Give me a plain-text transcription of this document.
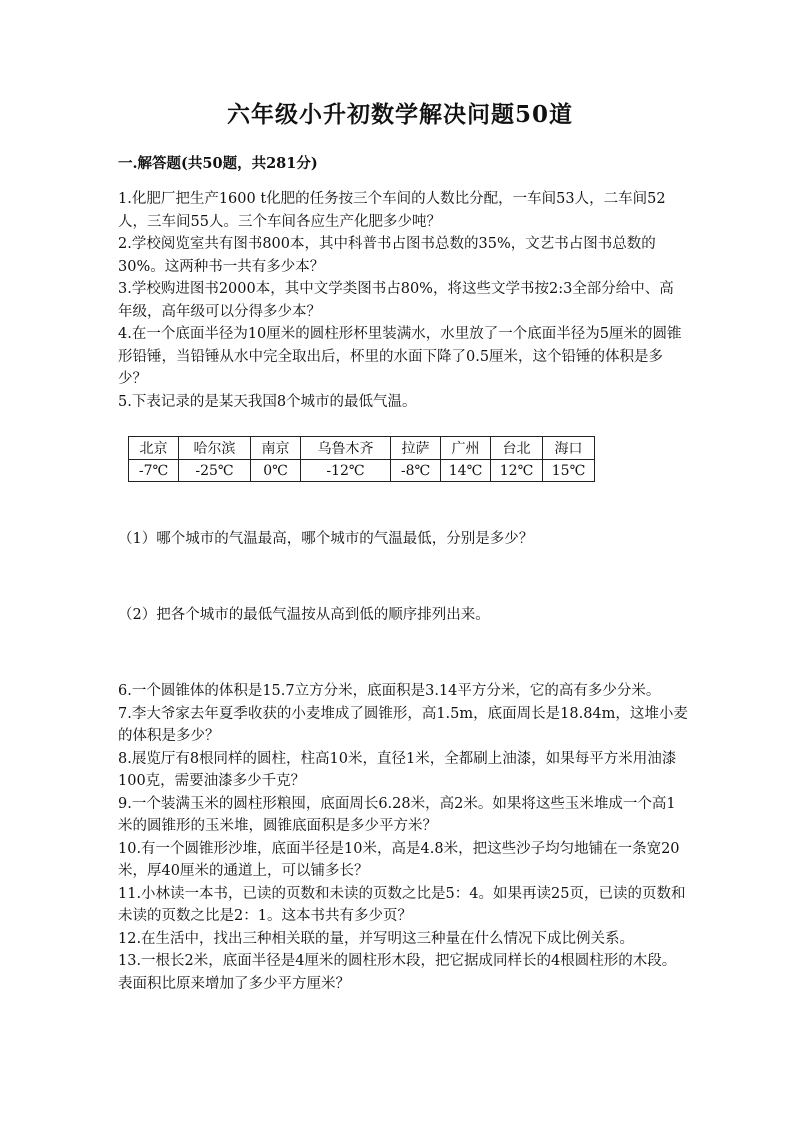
六年级小升初数学解决问题50道
一.解答题(共50题，共281分)

1.化肥厂把生产1600 t化肥的任务按三个车间的人数比分配，一车间53人，二车间52人，三车间55人。三个车间各应生产化肥多少吨？

2.学校阅览室共有图书800本，其中科普书占图书总数的35%，文艺书占图书总数的30%。这两种书一共有多少本？

3.学校购进图书2000本，其中文学类图书占80%，将这些文学书按2:3全部分给中、高年级，高年级可以分得多少本？

4.在一个底面半径为10厘米的圆柱形杯里装满水，水里放了一个底面半径为5厘米的圆锥形铅锤，当铅锤从水中完全取出后，杯里的水面下降了0.5厘米，这个铅锤的体积是多少？

5.下表记录的是某天我国8个城市的最低气温。

北京	哈尔滨	南京	乌鲁木齐	拉萨	广州	台北	海口
-7℃	-25℃	0℃	-12℃	-8℃	14℃	12℃	15℃
（1）哪个城市的气温最高，哪个城市的气温最低，分别是多少？
（2）把各个城市的最低气温按从高到低的顺序排列出来。

6.一个圆锥体的体积是15.7立方分米，底面积是3.14平方分米，它的高有多少分米。

7.李大爷家去年夏季收获的小麦堆成了圆锥形，高1.5m，底面周长是18.84m，这堆小麦的体积是多少？

8.展览厅有8根同样的圆柱，柱高10米，直径1米，全都刷上油漆，如果每平方米用油漆100克，需要油漆多少千克？

9.一个装满玉米的圆柱形粮囤，底面周长6.28米，高2米。如果将这些玉米堆成一个高1米的圆锥形的玉米堆，圆锥底面积是多少平方米？

10.有一个圆锥形沙堆，底面半径是10米，高是4.8米，把这些沙子均匀地铺在一条宽20米，厚40厘米的通道上，可以铺多长？

11.小林读一本书，已读的页数和未读的页数之比是5：4。如果再读25页，已读的页数和未读的页数之比是2：1。这本书共有多少页？

12.在生活中，找出三种相关联的量，并写明这三种量在什么情况下成比例关系。

13.一根长2米，底面半径是4厘米的圆柱形木段，把它据成同样长的4根圆柱形的木段。表面积比原来增加了多少平方厘米？
